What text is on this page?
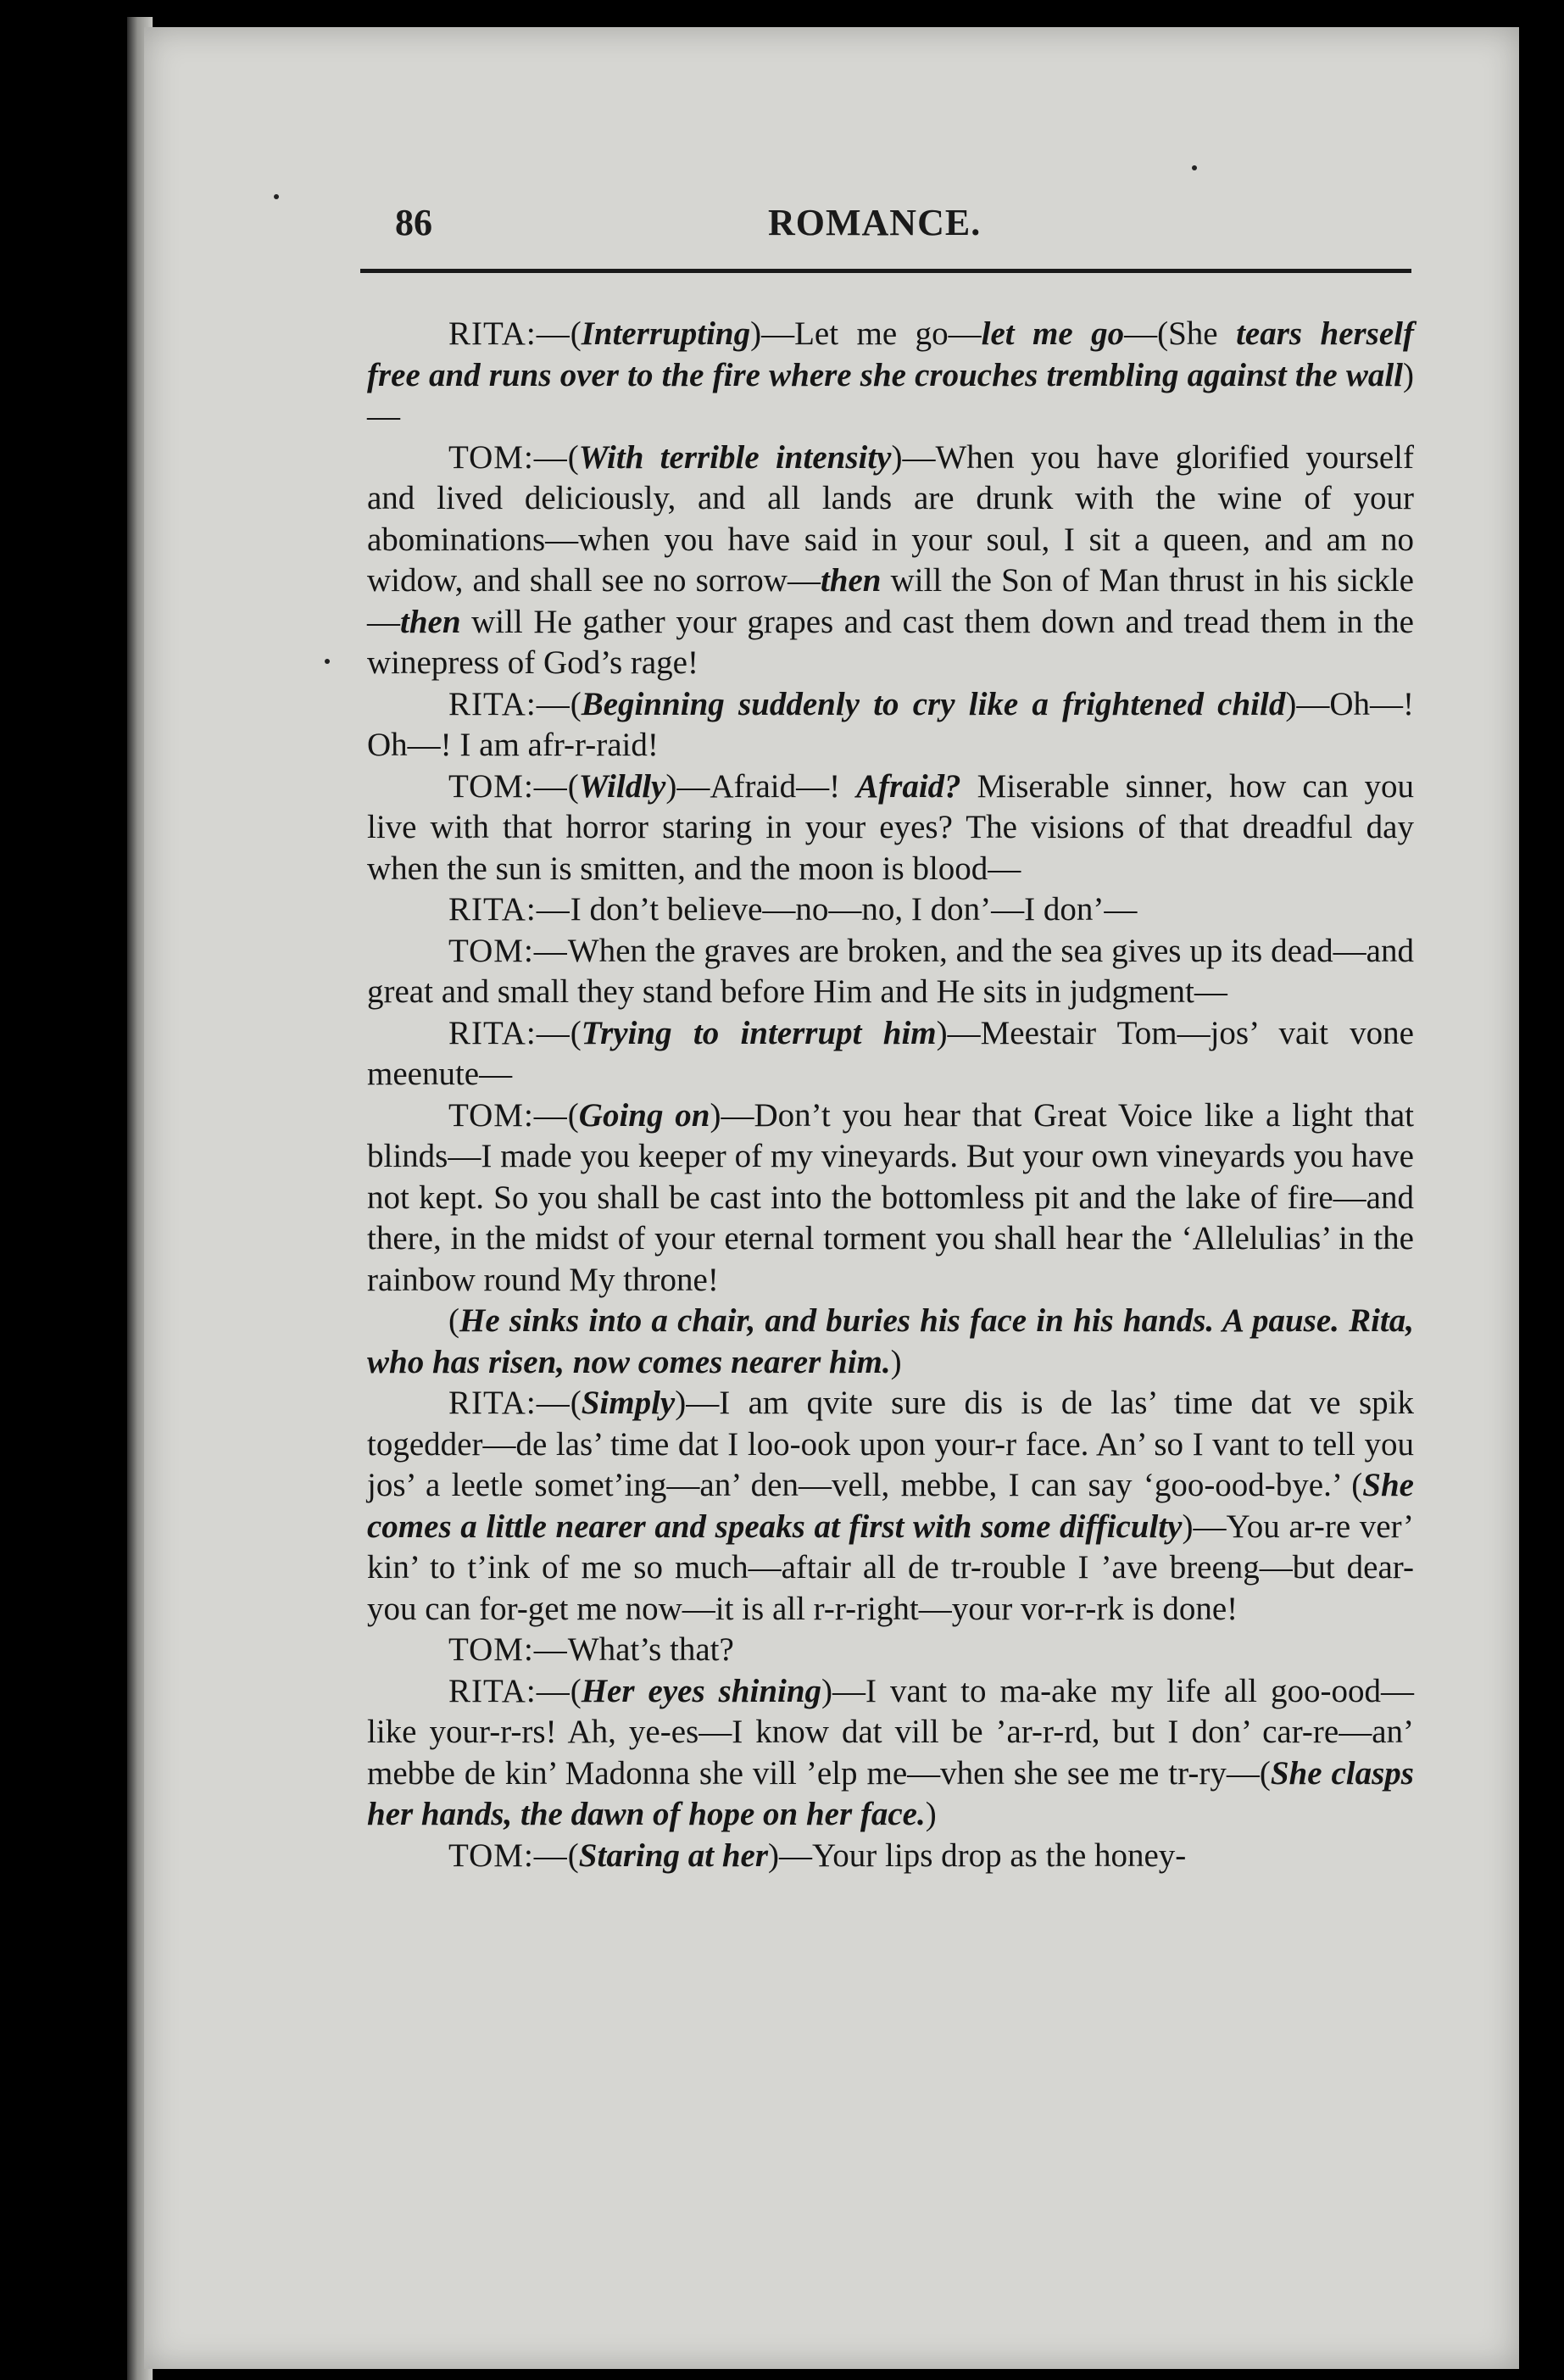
86	ROMANCE.

RITA:—(Interrupting)—Let me go—let me go—(She tears herself free and runs over to the fire where she crouches trembling against the wall)—

TOM:—(With terrible intensity)—When you have glorified yourself and lived deliciously, and all lands are drunk with the wine of your abominations—when you have said in your soul, I sit a queen, and am no widow, and shall see no sorrow—then will the Son of Man thrust in his sickle—then will He gather your grapes and cast them down and tread them in the winepress of God’s rage!

RITA:—(Beginning suddenly to cry like a frightened child)—Oh—! Oh—! I am afr-r-raid!

TOM:—(Wildly)—Afraid—! Afraid? Miserable sinner, how can you live with that horror staring in your eyes? The visions of that dreadful day when the sun is smitten, and the moon is blood—

RITA:—I don’t believe—no—no, I don’—I don’—

TOM:—When the graves are broken, and the sea gives up its dead—and great and small they stand before Him and He sits in judgment—

RITA:—(Trying to interrupt him)—Meestair Tom—jos’ vait vone meenute—

TOM:—(Going on)—Don’t you hear that Great Voice like a light that blinds—I made you keeper of my vineyards. But your own vineyards you have not kept. So you shall be cast into the bottomless pit and the lake of fire—and there, in the midst of your eternal torment you shall hear the ‘Allelulias’ in the rainbow round My throne!

(He sinks into a chair, and buries his face in his hands. A pause. Rita, who has risen, now comes nearer him.)

RITA:—(Simply)—I am qvite sure dis is de las’ time dat ve spik togedder—de las’ time dat I loo-ook upon your-r face. An’ so I vant to tell you jos’ a leetle somet’ing—an’ den—vell, mebbe, I can say ‘goo-ood-bye.’ (She comes a little nearer and speaks at first with some difficulty)—You ar-re ver’ kin’ to t’ink of me so much—aftair all de tr-rouble I ’ave breeng—but dear- you can for-get me now—it is all r-r-right—your vor-r-rk is done!

TOM:—What’s that?

RITA:—(Her eyes shining)—I vant to ma-ake my life all goo-ood—like your-r-rs! Ah, ye-es—I know dat vill be ’ar-r-rd, but I don’ car-re—an’ mebbe de kin’ Madonna she vill ’elp me—vhen she see me tr-ry—(She clasps her hands, the dawn of hope on her face.)

TOM:—(Staring at her)—Your lips drop as the honey-
